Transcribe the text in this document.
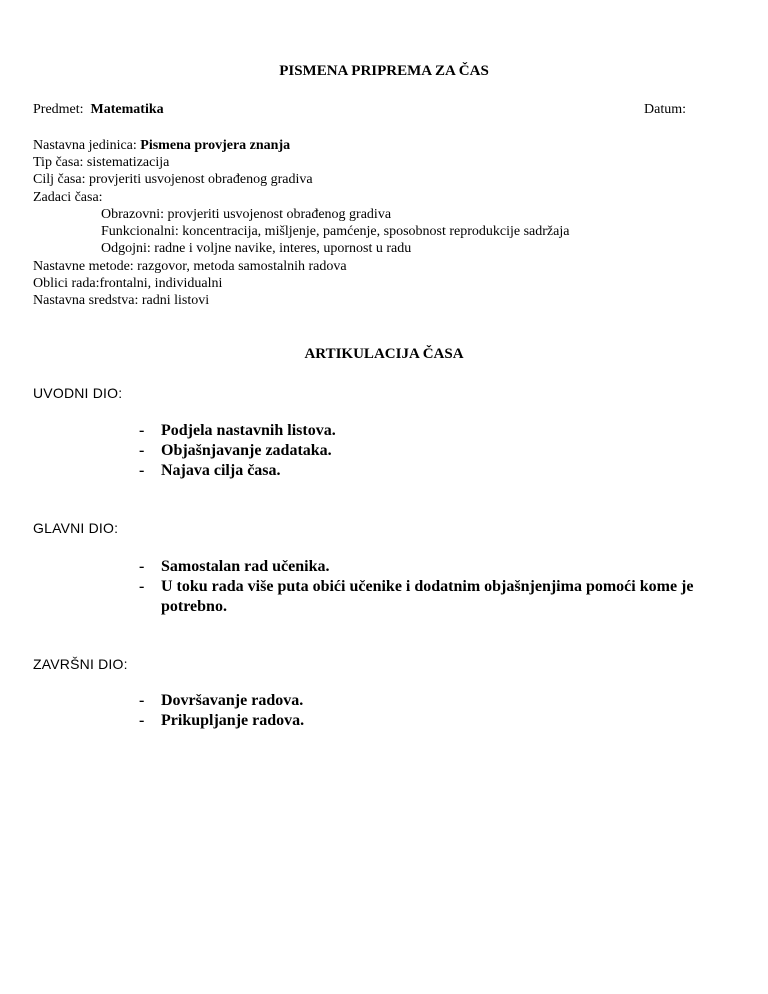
PISMENA PRIPREMA ZA ČAS
Predmet: Matematika	Datum:
Nastavna jedinica: Pismena provjera znanja
Tip časa: sistematizacija
Cilj časa: provjeriti usvojenost obrađenog gradiva
Zadaci časa:
Obrazovni: provjeriti usvojenost obrađenog gradiva
Funkcionalni: koncentracija, mišljenje, pamćenje, sposobnost reprodukcije sadržaja
Odgojni: radne i voljne navike, interes, upornost u radu
Nastavne metode: razgovor, metoda samostalnih radova
Oblici rada:frontalni, individualni
Nastavna sredstva: radni listovi
ARTIKULACIJA ČASA
UVODNI DIO:
-	Podjela nastavnih listova.
-	Objašnjavanje zadataka.
-	Najava cilja časa.
GLAVNI DIO:
-	Samostalan rad učenika.
-	U toku rada više puta obići učenike i dodatnim objašnjenjima pomoći kome je potrebno.
ZAVRŠNI DIO:
-	Dovršavanje radova.
-	Prikupljanje radova.
